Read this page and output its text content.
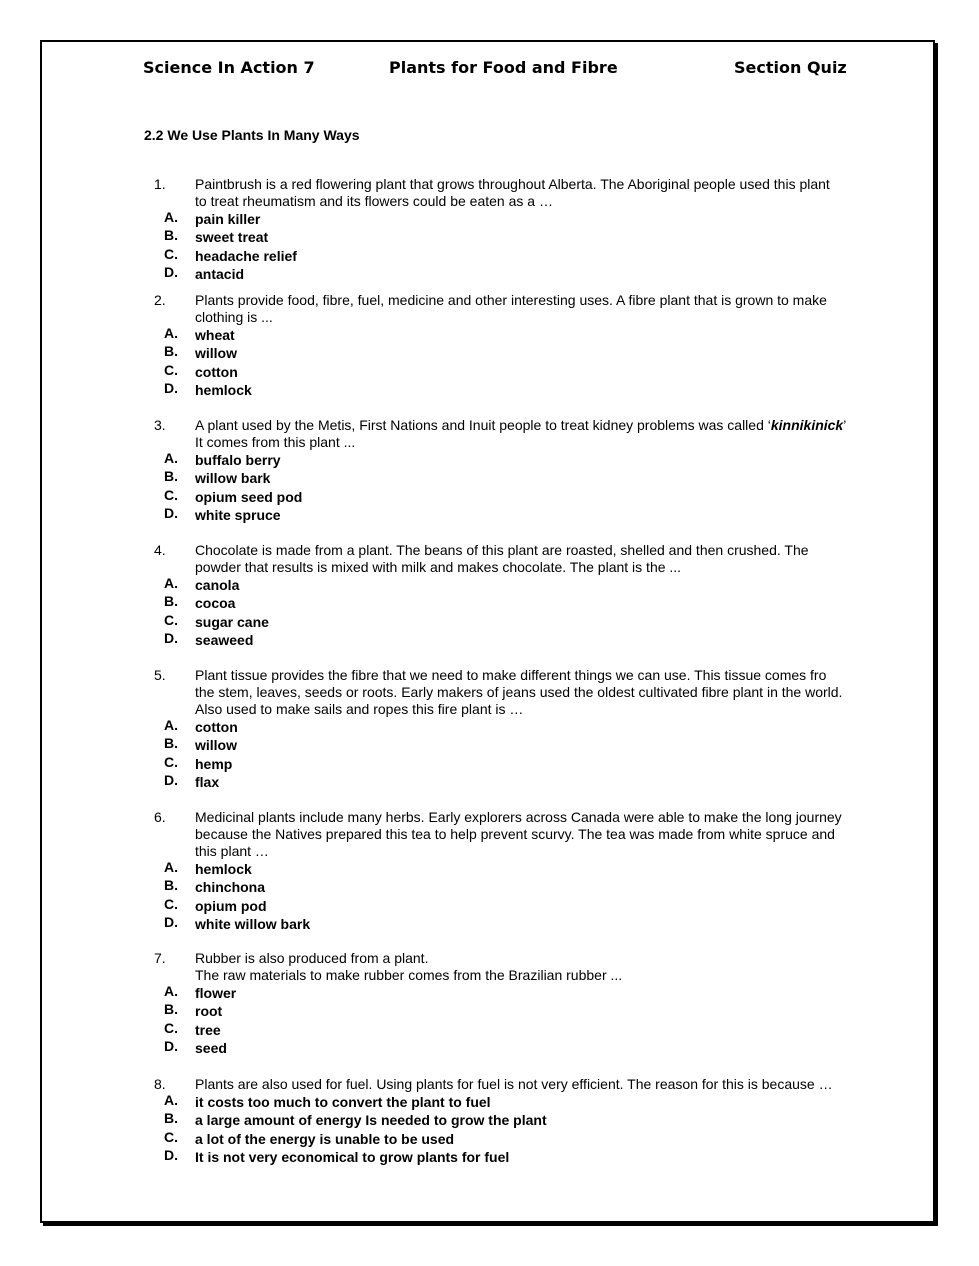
Science In Action 7	Plants for Food and Fibre	Section Quiz
2.2 We Use Plants In Many Ways
1. Paintbrush is a red flowering plant that grows throughout Alberta. The Aboriginal people used this plant
to treat rheumatism and its flowers could be eaten as a …
A. pain killer
B. sweet treat
C. headache relief
D. antacid
2. Plants provide food, fibre, fuel, medicine and other interesting uses. A fibre plant that is grown to make
clothing is ...
A. wheat
B. willow
C. cotton
D. hemlock
3. A plant used by the Metis, First Nations and Inuit people to treat kidney problems was called ‘kinnikinick’
It comes from this plant ...
A. buffalo berry
B. willow bark
C. opium seed pod
D. white spruce
4. Chocolate is made from a plant. The beans of this plant are roasted, shelled and then crushed. The
powder that results is mixed with milk and makes chocolate. The plant is the ...
A. canola
B. cocoa
C. sugar cane
D. seaweed
5. Plant tissue provides the fibre that we need to make different things we can use. This tissue comes fro
the stem, leaves, seeds or roots. Early makers of jeans used the oldest cultivated fibre plant in the world.
Also used to make sails and ropes this fire plant is …
A. cotton
B. willow
C. hemp
D. flax
6. Medicinal plants include many herbs. Early explorers across Canada were able to make the long journey
because the Natives prepared this tea to help prevent scurvy. The tea was made from white spruce and
this plant …
A. hemlock
B. chinchona
C. opium pod
D. white willow bark
7. Rubber is also produced from a plant.
The raw materials to make rubber comes from the Brazilian rubber ...
A. flower
B. root
C. tree
D. seed
8. Plants are also used for fuel. Using plants for fuel is not very efficient. The reason for this is because …
A. it costs too much to convert the plant to fuel
B. a large amount of energy Is needed to grow the plant
C. a lot of the energy is unable to be used
D. It is not very economical to grow plants for fuel
